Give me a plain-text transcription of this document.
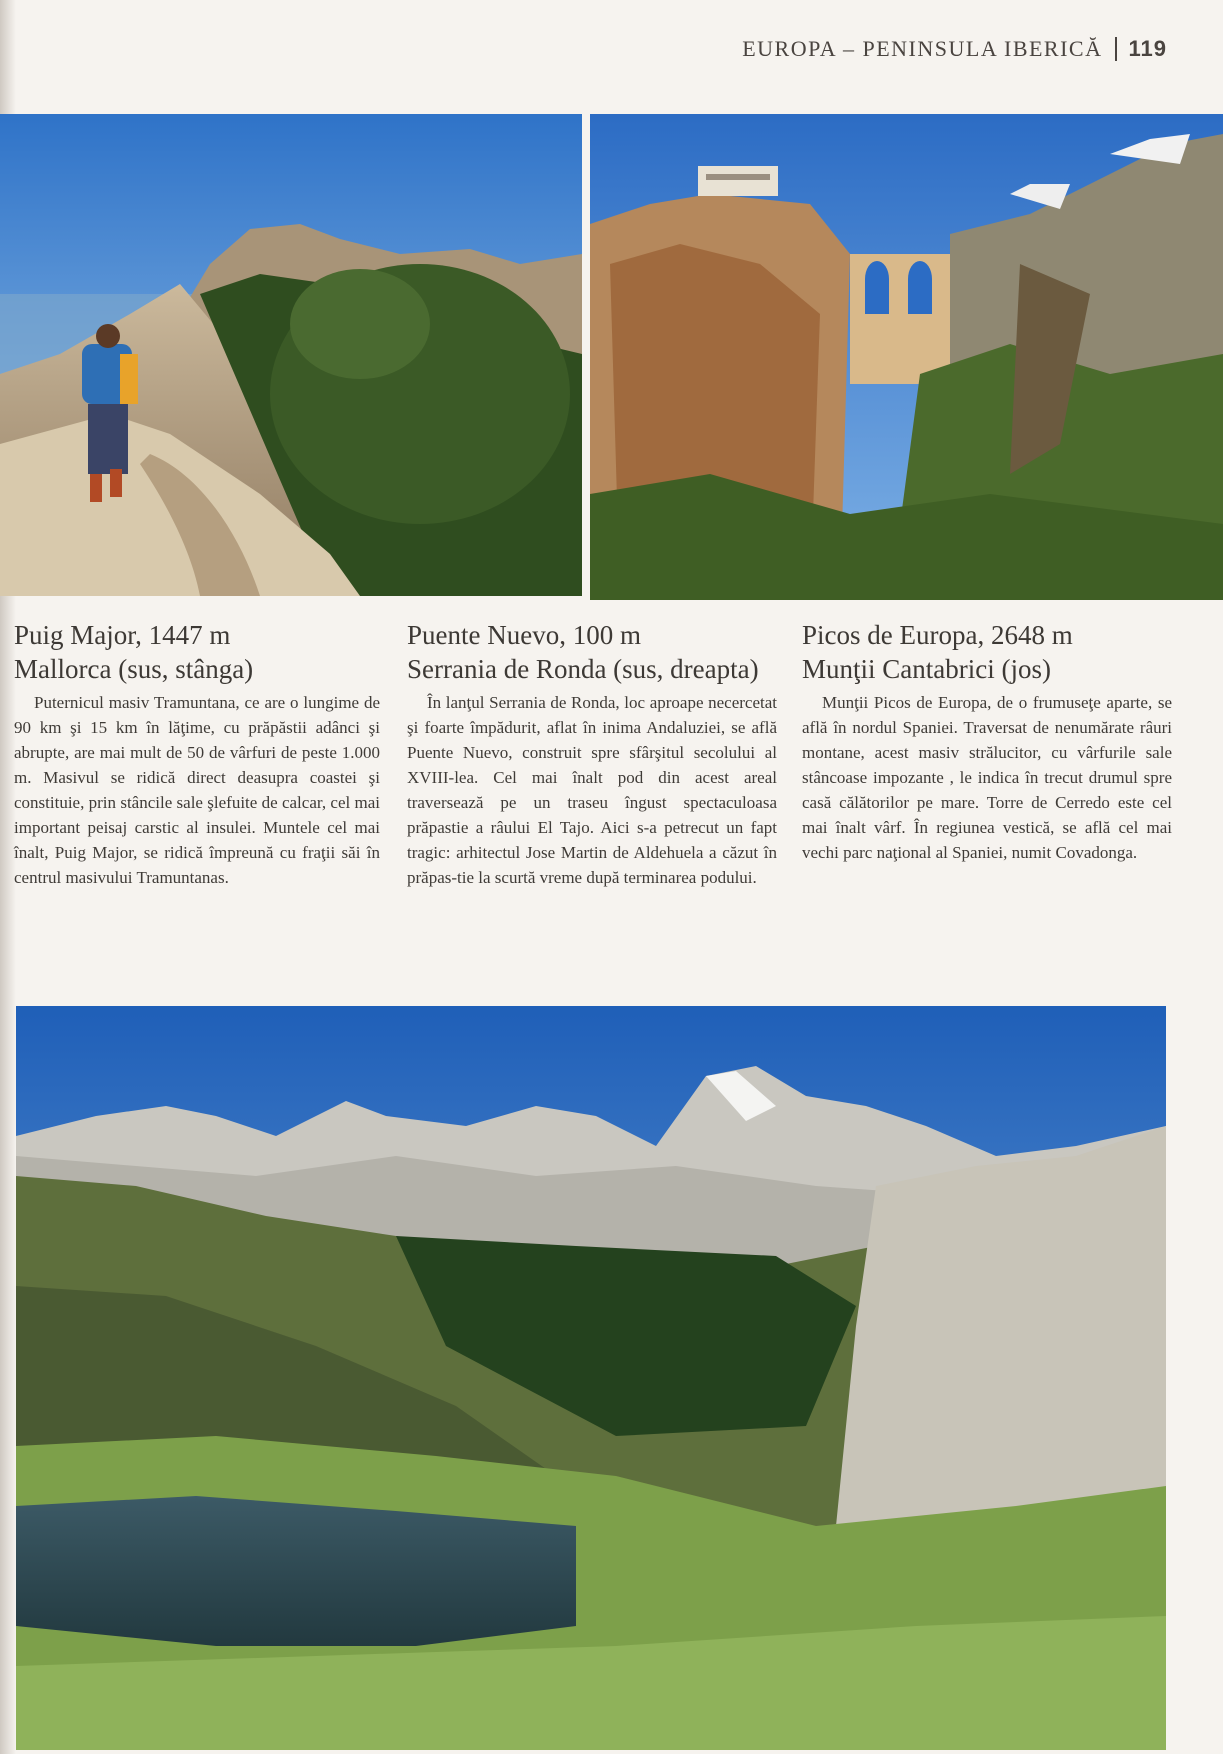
EUROPA – PENINSULA IBERICĂ 119
Puig Major, 1447 m
Mallorca (sus, stânga)

Puternicul masiv Tramuntana, ce are o lungime de 90 km şi 15 km în lăţime, cu prăpăstii adânci şi abrupte, are mai mult de 50 de vârfuri de peste 1.000 m. Masivul se ridică direct deasupra coastei şi constituie, prin stâncile sale şlefuite de calcar, cel mai important peisaj carstic al insulei. Muntele cel mai înalt, Puig Major, se ridică împreună cu fraţii săi în centrul masivului Tramuntanas.

Puente Nuevo, 100 m
Serrania de Ronda (sus, dreapta)

În lanţul Serrania de Ronda, loc aproape necercetat şi foarte împădurit, aflat în inima Andaluziei, se află Puente Nuevo, construit spre sfârşitul secolului al XVIII-lea. Cel mai înalt pod din acest areal traversează pe un traseu îngust spectaculoasa prăpastie a râului El Tajo. Aici s-a petrecut un fapt tragic: arhitectul Jose Martin de Aldehuela a căzut în prăpas-tie la scurtă vreme după terminarea podului.

Picos de Europa, 2648 m
Munţii Cantabrici (jos)

Munţii Picos de Europa, de o frumuseţe aparte, se află în nordul Spaniei. Traversat de nenumărate râuri montane, acest masiv strălucitor, cu vârfurile sale stâncoase impozante , le indica în trecut drumul spre casă călătorilor pe mare. Torre de Cerredo este cel mai înalt vârf. În regiunea vestică, se află cel mai vechi parc naţional al Spaniei, numit Covadonga.
